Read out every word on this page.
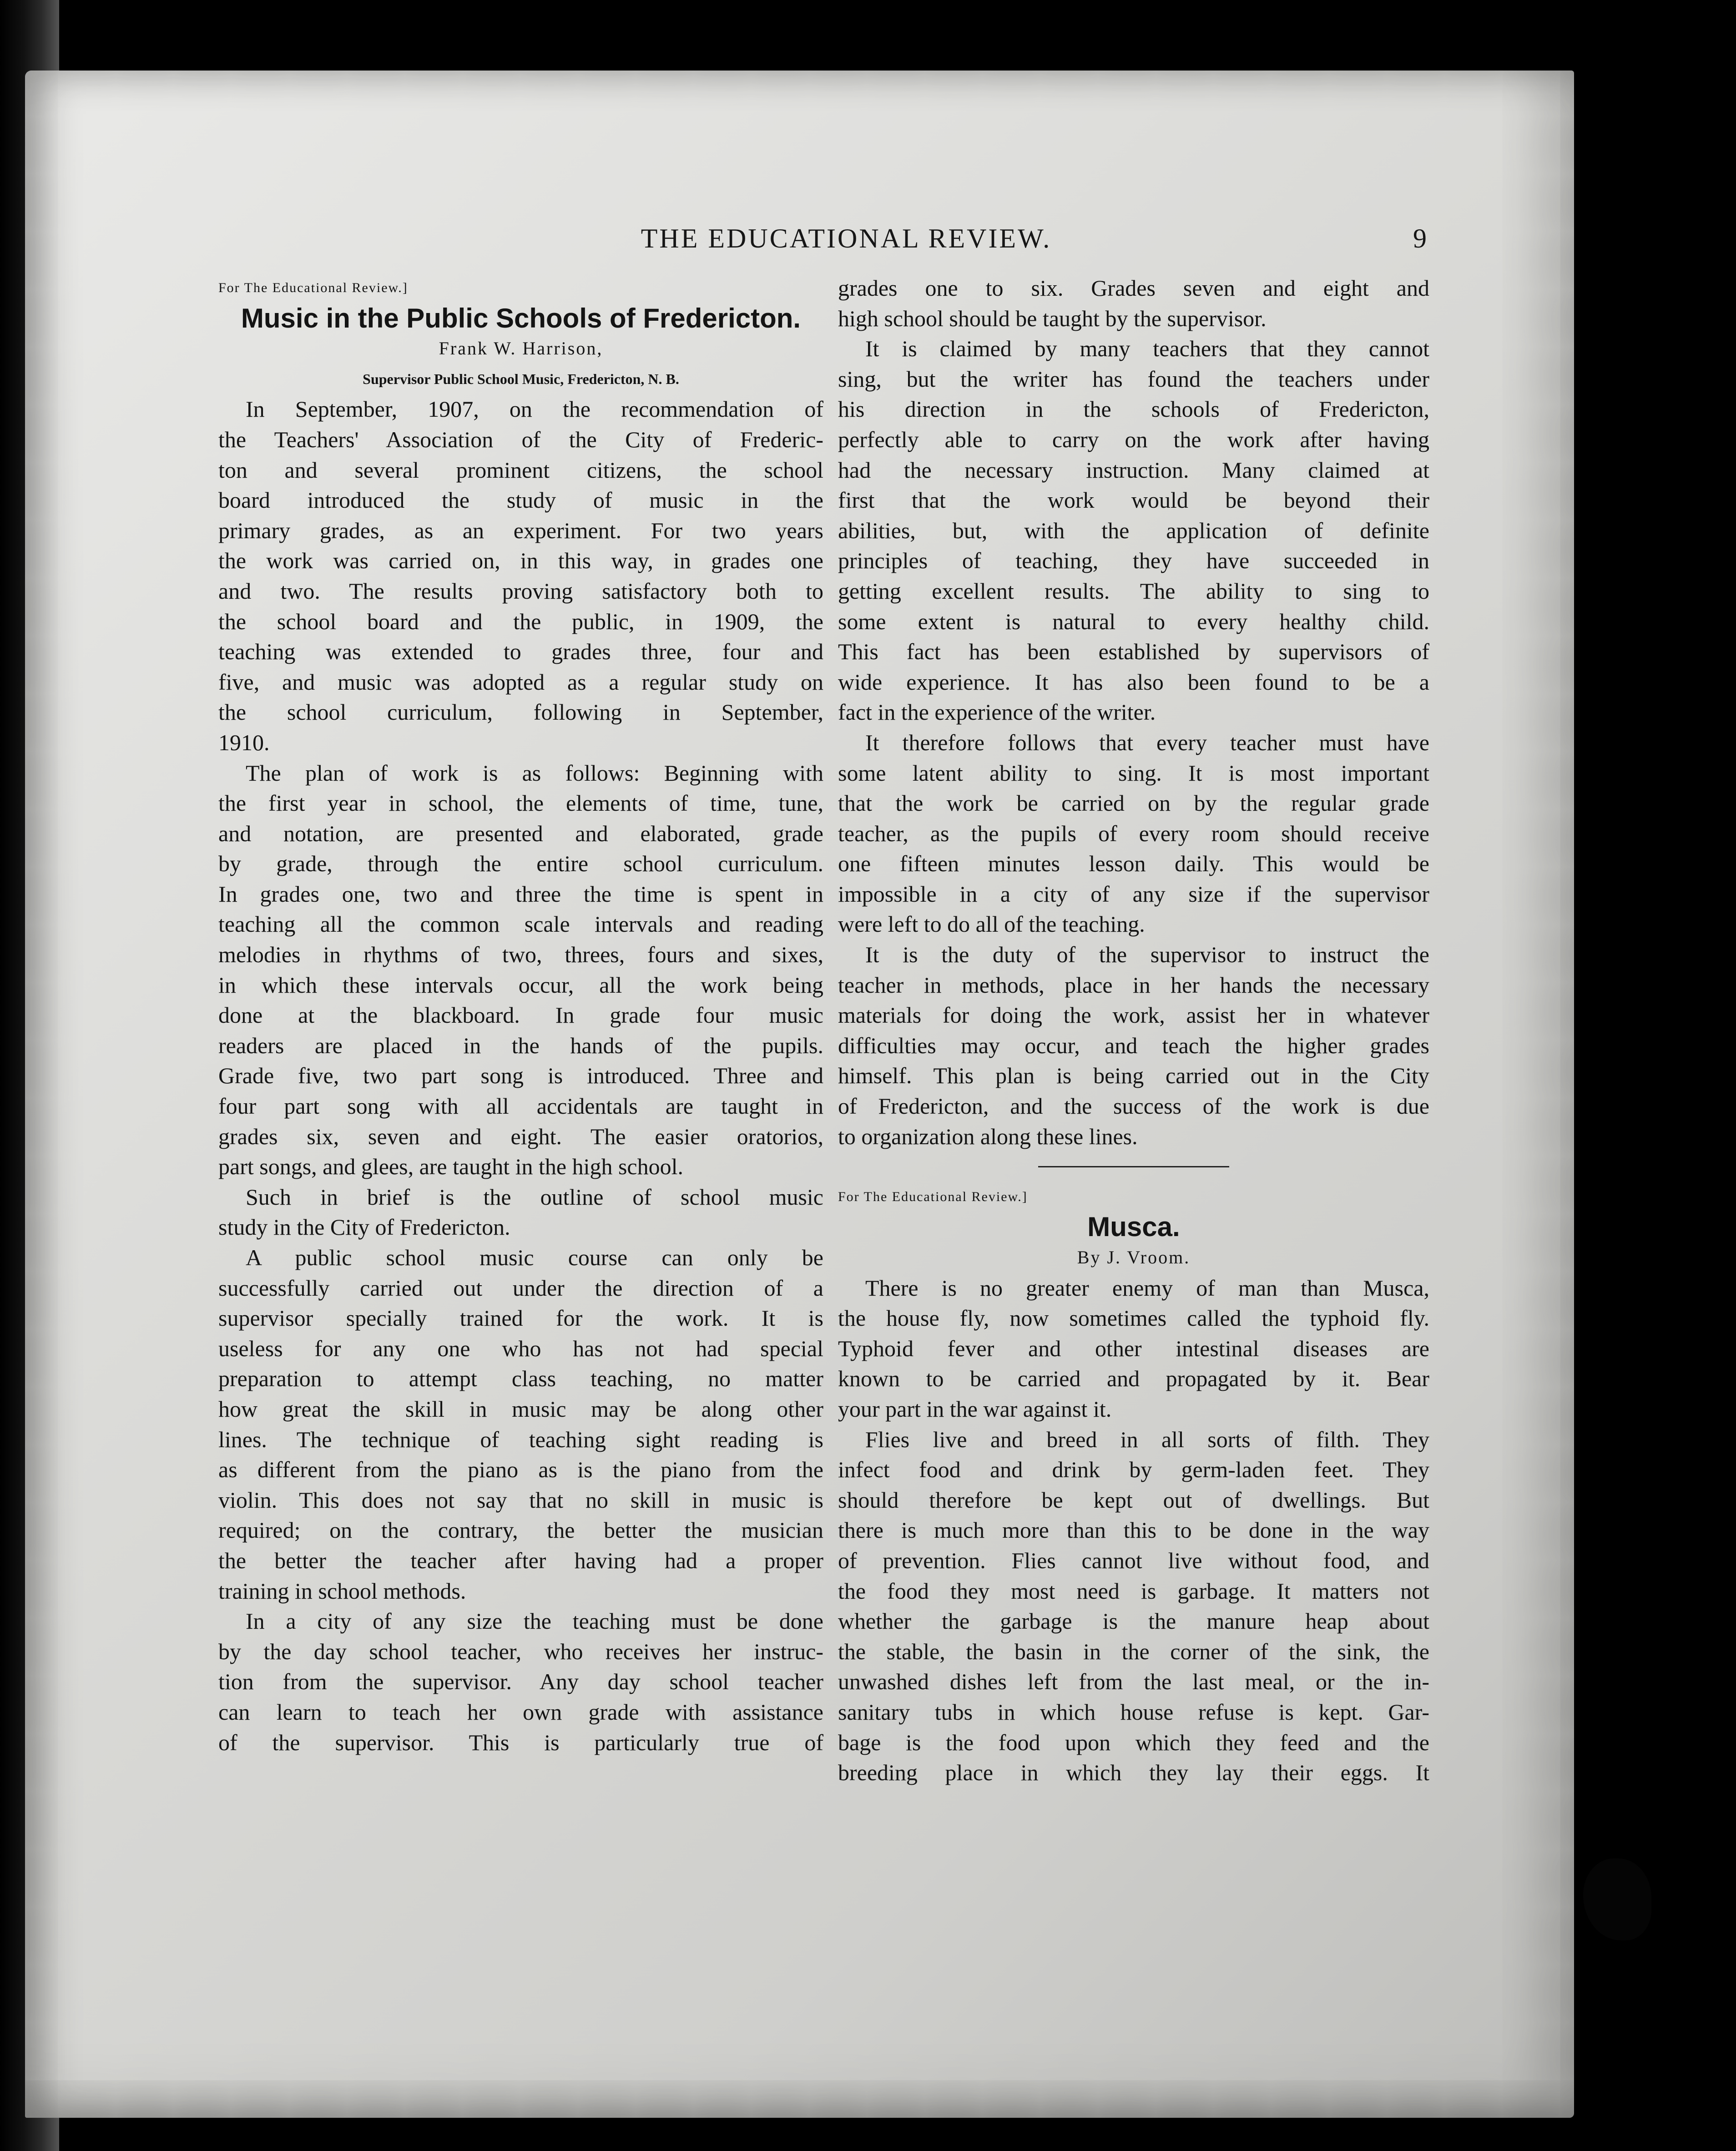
THE EDUCATIONAL REVIEW.	9
For The Educational Review.]
Music in the Public Schools of Fredericton.
Frank W. Harrison,
Supervisor Public School Music, Fredericton, N. B.
In September, 1907, on the recommendation of
the Teachers' Association of the City of Frederic-
ton and several prominent citizens, the school
board introduced the study of music in the
primary grades, as an experiment. For two years
the work was carried on, in this way, in grades one
and two. The results proving satisfactory both to
the school board and the public, in 1909, the
teaching was extended to grades three, four and
five, and music was adopted as a regular study on
the school curriculum, following in September,
1910.
The plan of work is as follows: Beginning with
the first year in school, the elements of time, tune,
and notation, are presented and elaborated, grade
by grade, through the entire school curriculum.
In grades one, two and three the time is spent in
teaching all the common scale intervals and reading
melodies in rhythms of two, threes, fours and sixes,
in which these intervals occur, all the work being
done at the blackboard. In grade four music
readers are placed in the hands of the pupils.
Grade five, two part song is introduced. Three and
four part song with all accidentals are taught in
grades six, seven and eight. The easier oratorios,
part songs, and glees, are taught in the high school.
Such in brief is the outline of school music
study in the City of Fredericton.
A public school music course can only be
successfully carried out under the direction of a
supervisor specially trained for the work. It is
useless for any one who has not had special
preparation to attempt class teaching, no matter
how great the skill in music may be along other
lines. The technique of teaching sight reading is
as different from the piano as is the piano from the
violin. This does not say that no skill in music is
required; on the contrary, the better the musician
the better the teacher after having had a proper
training in school methods.
In a city of any size the teaching must be done
by the day school teacher, who receives her instruc-
tion from the supervisor. Any day school teacher
can learn to teach her own grade with assistance
of the supervisor. This is particularly true of
grades one to six. Grades seven and eight and
high school should be taught by the supervisor.
It is claimed by many teachers that they cannot
sing, but the writer has found the teachers under
his direction in the schools of Fredericton,
perfectly able to carry on the work after having
had the necessary instruction. Many claimed at
first that the work would be beyond their
abilities, but, with the application of definite
principles of teaching, they have succeeded in
getting excellent results. The ability to sing to
some extent is natural to every healthy child.
This fact has been established by supervisors of
wide experience. It has also been found to be a
fact in the experience of the writer.
It therefore follows that every teacher must have
some latent ability to sing. It is most important
that the work be carried on by the regular grade
teacher, as the pupils of every room should receive
one fifteen minutes lesson daily. This would be
impossible in a city of any size if the supervisor
were left to do all of the teaching.
It is the duty of the supervisor to instruct the
teacher in methods, place in her hands the necessary
materials for doing the work, assist her in whatever
difficulties may occur, and teach the higher grades
himself. This plan is being carried out in the City
of Fredericton, and the success of the work is due
to organization along these lines.
For The Educational Review.]
Musca.
By J. Vroom.
There is no greater enemy of man than Musca,
the house fly, now sometimes called the typhoid fly.
Typhoid fever and other intestinal diseases are
known to be carried and propagated by it. Bear
your part in the war against it.
Flies live and breed in all sorts of filth. They
infect food and drink by germ-laden feet. They
should therefore be kept out of dwellings. But
there is much more than this to be done in the way
of prevention. Flies cannot live without food, and
the food they most need is garbage. It matters not
whether the garbage is the manure heap about
the stable, the basin in the corner of the sink, the
unwashed dishes left from the last meal, or the in-
sanitary tubs in which house refuse is kept. Gar-
bage is the food upon which they feed and the
breeding place in which they lay their eggs. It
